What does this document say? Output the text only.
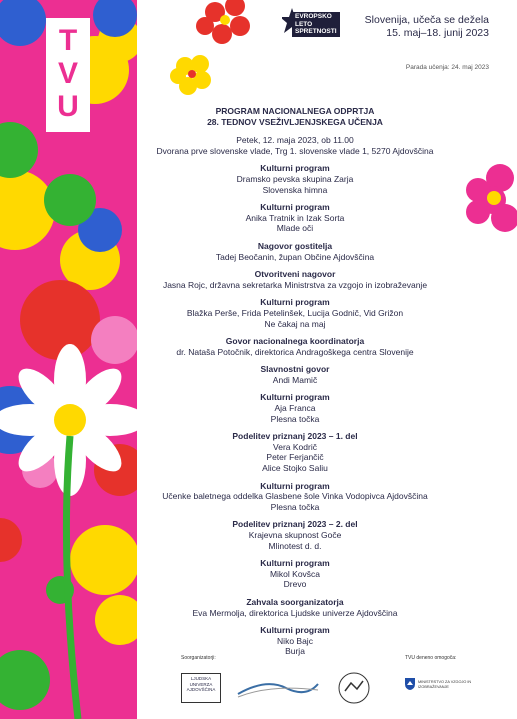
T
V
U
EVROPSKO
LETO
SPRETNOSTI
Slovenija, učeča se dežela
15. maj–18. junij 2023
Parada učenja: 24. maj 2023

PROGRAM NACIONALNEGA ODPRTJA

28. TEDNOV VSEŽIVLJENJSKEGA UČENJA

Petek, 12. maja 2023, ob 11.00

Dvorana prve slovenske vlade, Trg 1. slovenske vlade 1, 5270 Ajdovščina

Kulturni program
Dramsko pevska skupina Zarja
Slovenska himna
Kulturni program
Anika Tratnik in Izak Sorta
Mlade oči
Nagovor gostitelja
Tadej Beočanin, župan Občine Ajdovščina
Otvoritveni nagovor
Jasna Rojc, državna sekretarka Ministrstva za vzgojo in izobraževanje
Kulturni program
Blažka Perše, Frida Petelinšek, Lucija Godnič, Vid Grižon
Ne čakaj na maj
Govor nacionalnega koordinatorja
dr. Nataša Potočnik, direktorica Andragoškega centra Slovenije
Slavnostni govor
Andi Mamič
Kulturni program
Aja Franca
Plesna točka
Podelitev priznanj 2023 – 1. del
Vera Kodrič
Peter Ferjančič
Alice Stojko Saliu
Kulturni program
Učenke baletnega oddelka Glasbene šole Vinka Vodopivca Ajdovščina
Plesna točka
Podelitev priznanj 2023 – 2. del
Krajevna skupnost Goče
Mlinotest d. d.
Kulturni program
Mikol Kovšca
Drevo
Zahvala soorganizatorja
Eva Mermolja, direktorica Ljudske univerze Ajdovščina
Kulturni program
Niko Bajc
Burja
Soorganizatorji:	TVU deneno omogoča:
LJUDSKA
UNIVERZA
AJDOVŠČINA
MINISTRSTVO ZA VZGOJO IN IZOBRAŽEVANJE
